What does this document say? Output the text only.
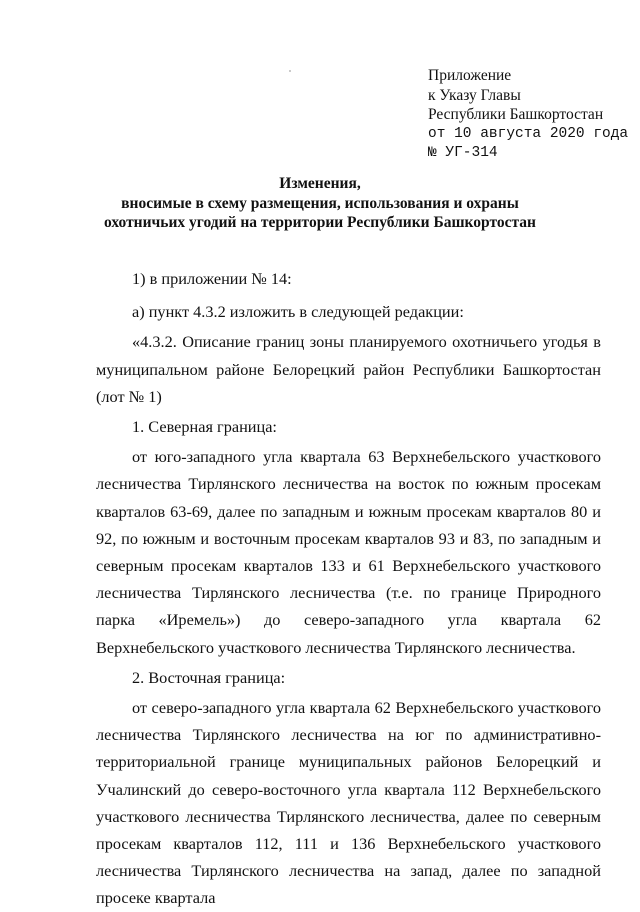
Приложение
к Указу Главы
Республики Башкортостан
от 10 августа 2020 года
№ УГ-314
Изменения,
вносимые в схему размещения, использования и охраны
охотничьих угодий на территории Республики Башкортостан

1) в приложении № 14:

а) пункт 4.3.2 изложить в следующей редакции:

«4.3.2. Описание границ зоны планируемого охотничьего угодья в муниципальном районе Белорецкий район Республики Башкортостан (лот № 1)

1. Северная граница:

от юго-западного угла квартала 63 Верхнебельского участкового лесничества Тирлянского лесничества на восток по южным просекам кварталов 63-69, далее по западным и южным просекам кварталов 80 и 92, по южным и восточным просекам кварталов 93 и 83, по западным и северным просекам кварталов 133 и 61 Верхнебельского участкового лесничества Тирлянского лесничества (т.е. по границе Природного парка «Иремель») до северо-западного угла квартала 62 Верхнебельского участкового лесничества Тирлянского лесничества.

2. Восточная граница:

от северо-западного угла квартала 62 Верхнебельского участкового лесничества Тирлянского лесничества на юг по административно-территориальной границе муниципальных районов Белорецкий и Учалинский до северо-восточного угла квартала 112 Верхнебельского участкового лесничества Тирлянского лесничества, далее по северным просекам кварталов 112, 111 и 136 Верхнебельского участкового лесничества Тирлянского лесничества на запад, далее по западной просеке квартала
